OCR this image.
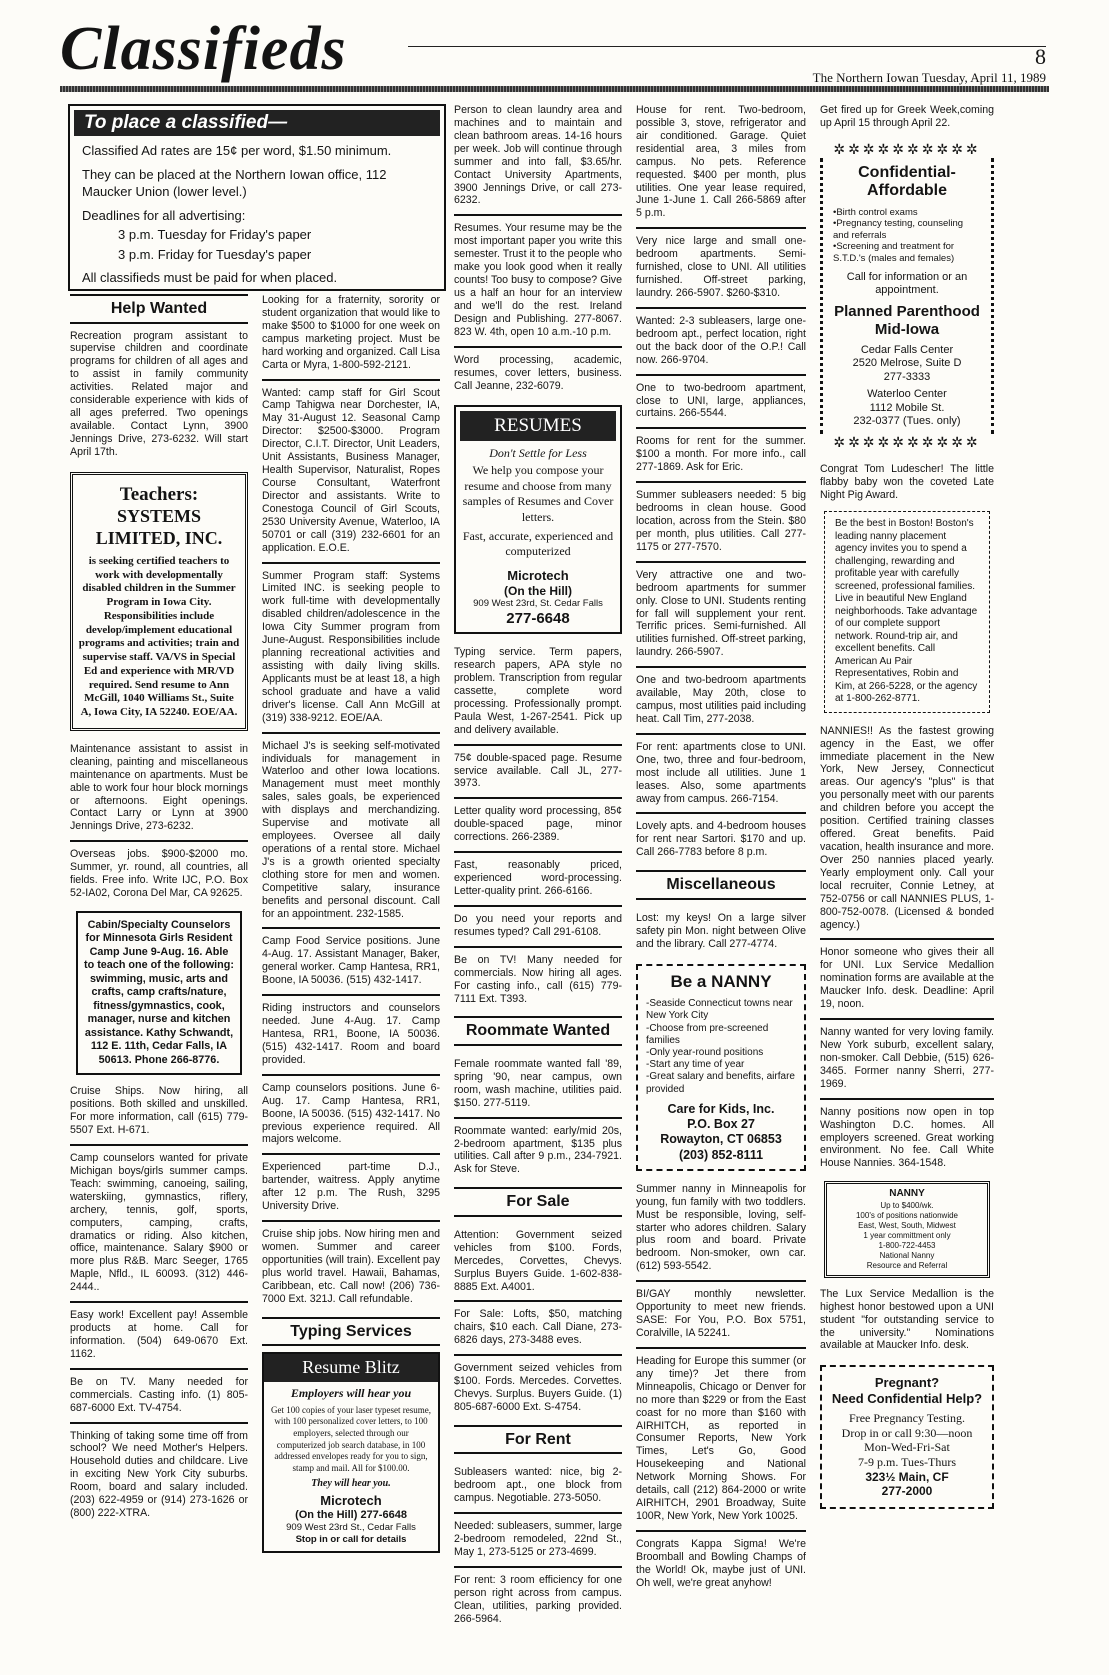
Classifieds	8
The Northern Iowan Tuesday, April 11, 1989
To place a classified—

Classified Ad rates are 15¢ per word, $1.50 minimum.

They can be placed at the Northern Iowan office, 112 Maucker Union (lower level.)

Deadlines for all advertising:

3 p.m. Tuesday for Friday's paper

3 p.m. Friday for Tuesday's paper

All classifieds must be paid for when placed.

Help Wanted
Recreation program assistant to supervise children and coordinate programs for children of all ages and to assist in family community activities. Related major and considerable experience with kids of all ages preferred. Two openings available. Contact Lynn, 3900 Jennings Drive, 273-6232. Will start April 17th.
Teachers:
SYSTEMS LIMITED, INC.
is seeking certified teachers to work with developmentally disabled children in the Summer Program in Iowa City. Responsibilities include develop/implement educational programs and activities; train and supervise staff. VA/VS in Special Ed and experience with MR/VD required. Send resume to Ann McGill, 1040 Williams St., Suite A, Iowa City, IA 52240. EOE/AA.
Maintenance assistant to assist in cleaning, painting and miscellaneous maintenance on apartments. Must be able to work four hour block mornings or afternoons. Eight openings. Contact Larry or Lynn at 3900 Jennings Drive, 273-6232.
Overseas jobs. $900-$2000 mo. Summer, yr. round, all countries, all fields. Free info. Write IJC, P.O. Box 52-IA02, Corona Del Mar, CA 92625.
Cabin/Specialty Counselors for Minnesota Girls Resident Camp June 9-Aug. 16. Able to teach one of the following: swimming, music, arts and crafts, camp crafts/nature, fitness/gymnastics, cook, manager, nurse and kitchen assistance. Kathy Schwandt, 112 E. 11th, Cedar Falls, IA 50613. Phone 266-8776.
Cruise Ships. Now hiring, all positions. Both skilled and unskilled. For more information, call (615) 779-5507 Ext. H-671.
Camp counselors wanted for private Michigan boys/girls summer camps. Teach: swimming, canoeing, sailing, waterskiing, gymnastics, riflery, archery, tennis, golf, sports, computers, camping, crafts, dramatics or riding. Also kitchen, office, maintenance. Salary $900 or more plus R&B. Marc Seeger, 1765 Maple, Nfld., IL 60093. (312) 446-2444..
Easy work! Excellent pay! Assemble products at home. Call for information. (504) 649-0670 Ext. 1162.
Be on TV. Many needed for commercials. Casting info. (1) 805-687-6000 Ext. TV-4754.
Thinking of taking some time off from school? We need Mother's Helpers. Household duties and childcare. Live in exciting New York City suburbs. Room, board and salary included. (203) 622-4959 or (914) 273-1626 or (800) 222-XTRA.
Looking for a fraternity, sorority or student organization that would like to make $500 to $1000 for one week on campus marketing project. Must be hard working and organized. Call Lisa Carta or Myra, 1-800-592-2121.
Wanted: camp staff for Girl Scout Camp Tahigwa near Dorchester, IA, May 31-August 12. Seasonal Camp Director: $2500-$3000. Program Director, C.I.T. Director, Unit Leaders, Unit Assistants, Business Manager, Health Supervisor, Naturalist, Ropes Course Consultant, Waterfront Director and assistants. Write to Conestoga Council of Girl Scouts, 2530 University Avenue, Waterloo, IA 50701 or call (319) 232-6601 for an application. E.O.E.
Summer Program staff: Systems Limited INC. is seeking people to work full-time with developmentally disabled children/adolescence in the Iowa City Summer program from June-August. Responsibilities include planning recreational activities and assisting with daily living skills. Applicants must be at least 18, a high school graduate and have a valid driver's license. Call Ann McGill at (319) 338-9212. EOE/AA.
Michael J's is seeking self-motivated individuals for management in Waterloo and other Iowa locations. Management must meet monthly sales, sales goals, be experienced with displays and merchandizing. Supervise and motivate all employees. Oversee all daily operations of a rental store. Michael J's is a growth oriented specialty clothing store for men and women. Competitive salary, insurance benefits and personal discount. Call for an appointment. 232-1585.
Camp Food Service positions. June 4-Aug. 17. Assistant Manager, Baker, general worker. Camp Hantesa, RR1, Boone, IA 50036. (515) 432-1417.
Riding instructors and counselors needed. June 4-Aug. 17. Camp Hantesa, RR1, Boone, IA 50036. (515) 432-1417. Room and board provided.
Camp counselors positions. June 6-Aug. 17. Camp Hantesa, RR1, Boone, IA 50036. (515) 432-1417. No previous experience required. All majors welcome.
Experienced part-time D.J., bartender, waitress. Apply anytime after 12 p.m. The Rush, 3295 University Drive.
Cruise ship jobs. Now hiring men and women. Summer and career opportunities (will train). Excellent pay plus world travel. Hawaii, Bahamas, Caribbean, etc. Call now! (206) 736-7000 Ext. 321J. Call refundable.
Typing Services
Resume Blitz
Employers will hear you
Get 100 copies of your laser typeset resume, with 100 personalized cover letters, to 100 employers, selected through our computerized job search database, in 100 addressed envelopes ready for you to sign, stamp and mail. All for $100.00.
They will hear you.
Microtech
(On the Hill) 277-6648
909 West 23rd St., Cedar Falls
Stop in or call for details
Person to clean laundry area and machines and to maintain and clean bathroom areas. 14-16 hours per week. Job will continue through summer and into fall, $3.65/hr. Contact University Apartments, 3900 Jennings Drive, or call 273-6232.
Resumes. Your resume may be the most important paper you write this semester. Trust it to the people who make you look good when it really counts! Too busy to compose? Give us a half an hour for an interview and we'll do the rest. Ireland Design and Publishing. 277-8067. 823 W. 4th, open 10 a.m.-10 p.m.
Word processing, academic, resumes, cover letters, business. Call Jeanne, 232-6079.
RESUMES
Don't Settle for Less
We help you compose your resume and choose from many samples of Resumes and Cover letters.
Fast, accurate, experienced and computerized
Microtech
(On the Hill)
909 West 23rd, St. Cedar Falls
277-6648
Typing service. Term papers, research papers, APA style no problem. Transcription from regular cassette, complete word processing. Professionally prompt. Paula West, 1-267-2541. Pick up and delivery available.
75¢ double-spaced page. Resume service available. Call JL, 277-3973.
Letter quality word processing, 85¢ double-spaced page, minor corrections. 266-2389.
Fast, reasonably priced, experienced word-processing. Letter-quality print. 266-6166.
Do you need your reports and resumes typed? Call 291-6108.
Be on TV! Many needed for commercials. Now hiring all ages. For casting info., call (615) 779-7111 Ext. T393.
Roommate Wanted
Female roommate wanted fall '89, spring '90, near campus, own room, wash machine, utilities paid. $150. 277-5119.
Roommate wanted: early/mid 20s, 2-bedroom apartment, $135 plus utilities. Call after 9 p.m., 234-7921. Ask for Steve.
For Sale
Attention: Government seized vehicles from $100. Fords, Mercedes, Corvettes, Chevys. Surplus Buyers Guide. 1-602-838-8885 Ext. A4001.
For Sale: Lofts, $50, matching chairs, $10 each. Call Diane, 273-6826 days, 273-3488 eves.
Government seized vehicles from $100. Fords. Mercedes. Corvettes. Chevys. Surplus. Buyers Guide. (1) 805-687-6000 Ext. S-4754.
For Rent
Subleasers wanted: nice, big 2-bedroom apt., one block from campus. Negotiable. 273-5050.
Needed: subleasers, summer, large 2-bedroom remodeled, 22nd St., May 1, 273-5125 or 273-4699.
For rent: 3 room efficiency for one person right across from campus. Clean, utilities, parking provided. 266-5964.
House for rent. Two-bedroom, possible 3, stove, refrigerator and air conditioned. Garage. Quiet residential area, 3 miles from campus. No pets. Reference requested. $400 per month, plus utilities. One year lease required, June 1-June 1. Call 266-5869 after 5 p.m.
Very nice large and small one-bedroom apartments. Semi-furnished, close to UNI. All utilities furnished. Off-street parking, laundry. 266-5907. $260-$310.
Wanted: 2-3 subleasers, large one-bedroom apt., perfect location, right out the back door of the O.P.! Call now. 266-9704.
One to two-bedroom apartment, close to UNI, large, appliances, curtains. 266-5544.
Rooms for rent for the summer. $100 a month. For more info., call 277-1869. Ask for Eric.
Summer subleasers needed: 5 big bedrooms in clean house. Good location, across from the Stein. $80 per month, plus utilities. Call 277-1175 or 277-7570.
Very attractive one and two-bedroom apartments for summer only. Close to UNI. Students renting for fall will supplement your rent. Terrific prices. Semi-furnished. All utilities furnished. Off-street parking, laundry. 266-5907.
One and two-bedroom apartments available, May 20th, close to campus, most utilities paid including heat. Call Tim, 277-2038.
For rent: apartments close to UNI. One, two, three and four-bedroom, most include all utilities. June 1 leases. Also, some apartments away from campus. 266-7154.
Lovely apts. and 4-bedroom houses for rent near Sartori. $170 and up. Call 266-7783 before 8 p.m.
Miscellaneous
Lost: my keys! On a large silver safety pin Mon. night between Olive and the library. Call 277-4774.
Be a NANNY
-Seaside Connecticut towns near New York City
-Choose from pre-screened families
-Only year-round positions
-Start any time of year
-Great salary and benefits, airfare provided
Care for Kids, Inc.
P.O. Box 27
Rowayton, CT 06853
(203) 852-8111
Summer nanny in Minneapolis for young, fun family with two toddlers. Must be responsible, loving, self-starter who adores children. Salary plus room and board. Private bedroom. Non-smoker, own car. (612) 593-5542.
BI/GAY monthly newsletter. Opportunity to meet new friends. SASE: For You, P.O. Box 5751, Coralville, IA 52241.
Heading for Europe this summer (or any time)? Jet there from Minneapolis, Chicago or Denver for no more than $229 or from the East coast for no more than $160 with AIRHITCH, as reported in Consumer Reports, New York Times, Let's Go, Good Housekeeping and National Network Morning Shows. For details, call (212) 864-2000 or write AIRHITCH, 2901 Broadway, Suite 100R, New York, New York 10025.
Congrats Kappa Sigma! We're Broomball and Bowling Champs of the World! Ok, maybe just of UNI. Oh well, we're great anyhow!
Get fired up for Greek Week,coming up April 15 through April 22.
✲✲✲✲✲✲✲✲✲✲
Confidential-Affordable
•Birth control exams
•Pregnancy testing, counseling and referrals
•Screening and treatment for S.T.D.'s (males and females)
Call for information or an appointment.
Planned Parenthood Mid-Iowa
Cedar Falls Center
2520 Melrose, Suite D
277-3333
Waterloo Center
1112 Mobile St.
232-0377 (Tues. only)
✲✲✲✲✲✲✲✲✲✲
Congrat Tom Ludescher! The little flabby baby won the coveted Late Night Pig Award.
Be the best in Boston! Boston's leading nanny placement agency invites you to spend a challenging, rewarding and profitable year with carefully screened, professional families. Live in beautiful New England neighborhoods. Take advantage of our complete support network. Round-trip air, and excellent benefits. Call American Au Pair Representatives, Robin and Kim, at 266-5228, or the agency at 1-800-262-8771.
NANNIES!! As the fastest growing agency in the East, we offer immediate placement in the New York, New Jersey, Connecticut areas. Our agency's "plus" is that you personally meet with our parents and children before you accept the position. Certified training classes offered. Great benefits. Paid vacation, health insurance and more. Over 250 nannies placed yearly. Yearly employment only. Call your local recruiter, Connie Letney, at 752-0756 or call NANNIES PLUS, 1-800-752-0078. (Licensed & bonded agency.)
Honor someone who gives their all for UNI. Lux Service Medallion nomination forms are available at the Maucker Info. desk. Deadline: April 19, noon.
Nanny wanted for very loving family. New York suburb, excellent salary, non-smoker. Call Debbie, (515) 626-3465. Former nanny Sherri, 277-1969.
Nanny positions now open in top Washington D.C. homes. All employers screened. Great working environment. No fee. Call White House Nannies. 364-1548.
NANNY
Up to $400/wk.
100's of positions nationwide
East, West, South, Midwest
1 year committment only
1-800-722-4453
National Nanny
Resource and Referral
The Lux Service Medallion is the highest honor bestowed upon a UNI student "for outstanding service to the university." Nominations available at Maucker Info. desk.
Pregnant?
Need Confidential Help?
Free Pregnancy Testing.
Drop in or call 9:30—noon
Mon-Wed-Fri-Sat
7-9 p.m. Tues-Thurs
323½ Main, CF
277-2000
